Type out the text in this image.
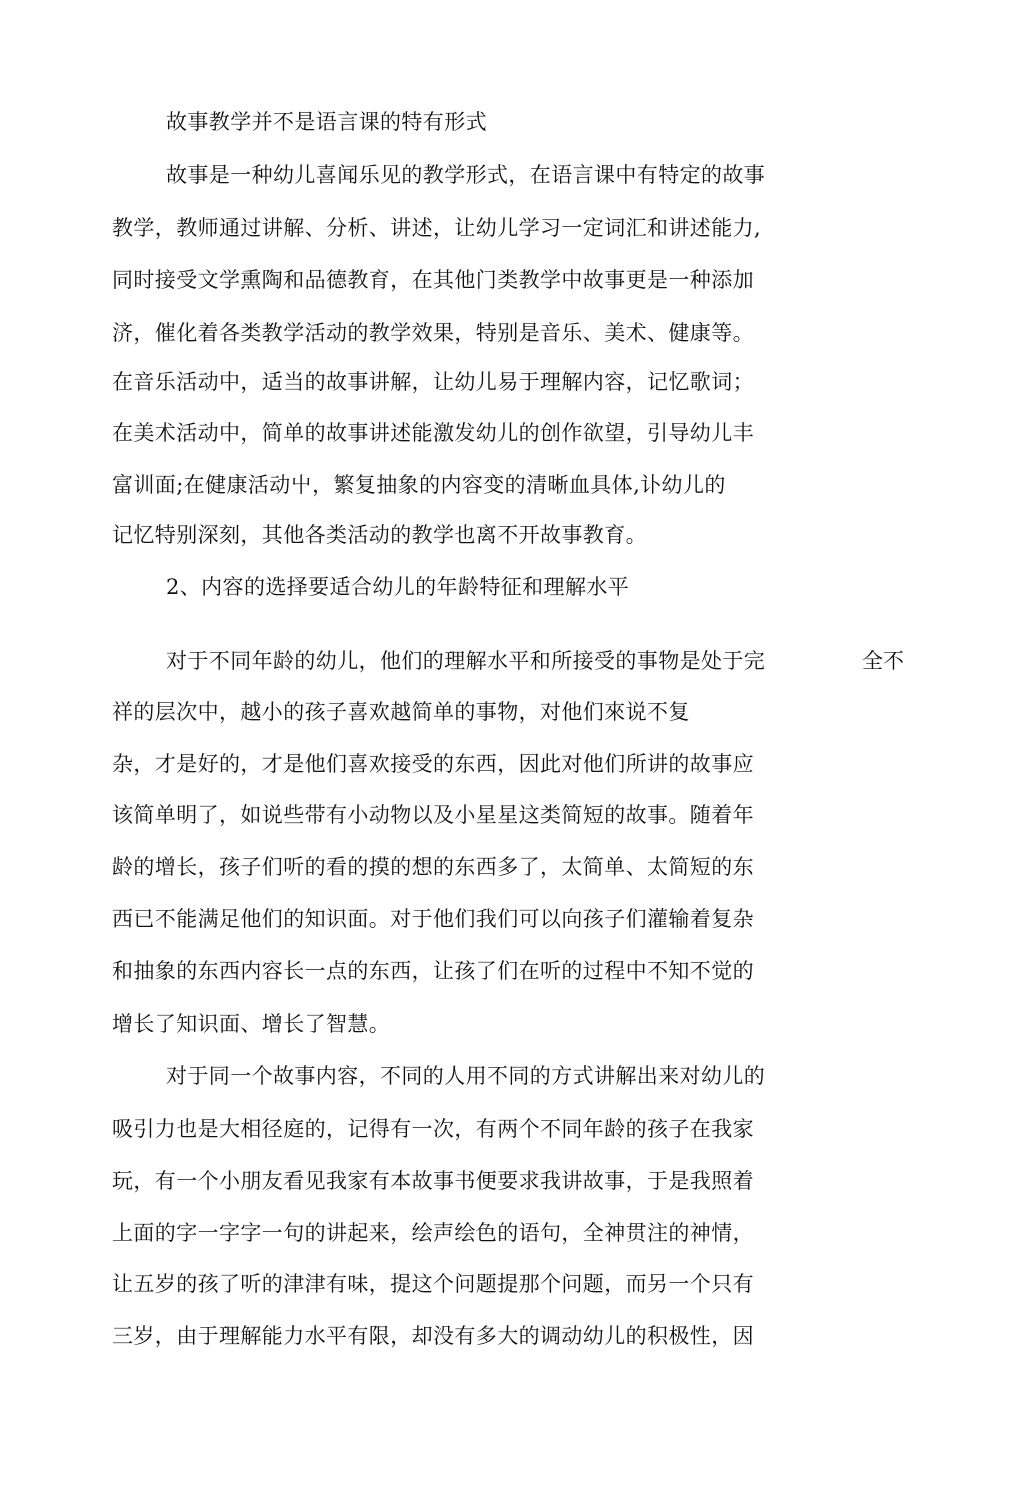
故事教学并不是语言课的特有形式
故事是一种幼儿喜闻乐见的教学形式，在语言课中有特定的故事
教学，教师通过讲解、分析、讲述，让幼儿学习一定词汇和讲述能力,
同时接受文学熏陶和品德教育，在其他门类教学中故事更是一种添加
济，催化着各类教学活动的教学效果，特别是音乐、美术、健康等。
在音乐活动中，适当的故事讲解，让幼儿易于理解内容，记忆歌词；
在美术活动中，简单的故事讲述能激发幼儿的创作欲望，引导幼儿丰
富训面;在健康活动屮，繁复抽象的内容变的清晰血具体,讣幼儿的
记忆特别深刻，其他各类活动的教学也离不开故事教育。
2、内容的选择要适合幼儿的年龄特征和理解水平
对于不同年龄的幼儿，他们的理解水平和所接受的事物是处于完	全不
祥的层次中，越小的孩子喜欢越简单的事物，对他们來说不复
杂，才是好的，才是他们喜欢接受的东西，因此对他们所讲的故事应
该简单明了，如说些带有小动物以及小星星这类简短的故事。随着年
龄的增长，孩子们听的看的摸的想的东西多了，太简单、太简短的东
西已不能满足他们的知识面。对于他们我们可以向孩子们灌输着复杂
和抽象的东西内容长一点的东西，让孩了们在听的过程中不知不觉的
增长了知识面、增长了智慧。
对于同一个故事内容，不同的人用不同的方式讲解出来对幼儿的
吸引力也是大相径庭的，记得有一次，有两个不同年龄的孩子在我家
玩，有一个小朋友看见我家有本故事书便要求我讲故事，于是我照着
上面的字一字字一句的讲起来，绘声绘色的语句，全神贯注的神情，
让五岁的孩了听的津津有味，提这个问题提那个问题，而另一个只有
三岁，由于理解能力水平有限，却没有多大的调动幼儿的积极性，因
